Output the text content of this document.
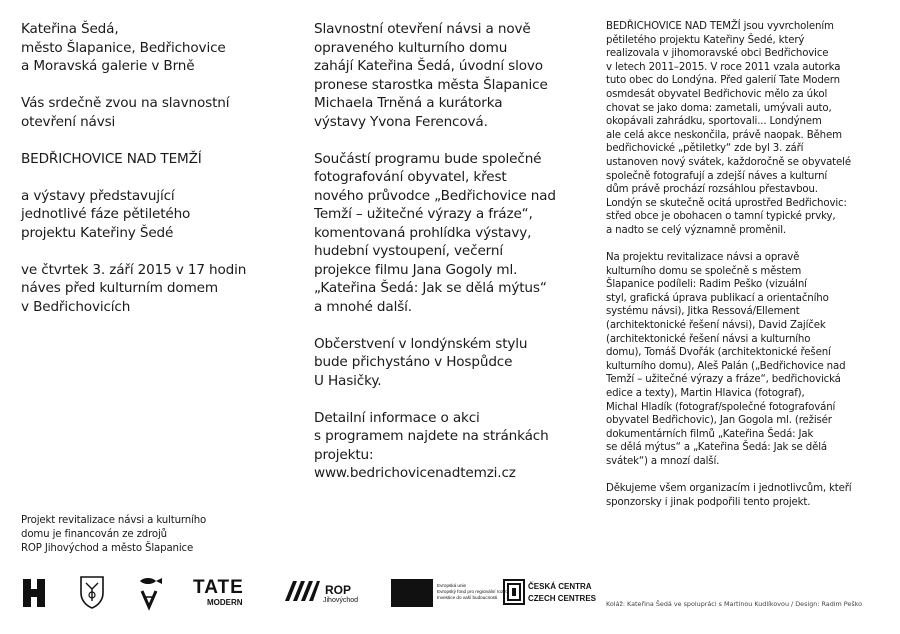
Kateřina Šedá,
město Šlapanice, Bedřichovice
a Moravská galerie v Brně
Vás srdečně zvou na slavnostní
otevření návsi
BEDŘICHOVICE NAD TEMŽÍ
a výstavy představující
jednotlivé fáze pětiletého
projektu Kateřiny Šedé
ve čtvrtek 3. září 2015 v 17 hodin
náves před kulturním domem
v Bedřichovicích
Slavnostní otevření návsi a nově
opraveného kulturního domu
zahájí Kateřina Šedá, úvodní slovo
pronese starostka města Šlapanice
Michaela Trněná a kurátorka
výstavy Yvona Ferencová.
Součástí programu bude společné
fotografování obyvatel, křest
nového průvodce „Bedřichovice nad
Temží – užitečné výrazy a fráze“,
komentovaná prohlídka výstavy,
hudební vystoupení, večerní
projekce filmu Jana Gogoly ml.
„Kateřina Šedá: Jak se dělá mýtus“
a mnohé další.
Občerstvení v londýnském stylu
bude přichystáno v Hospůdce
U Hasičky.
Detailní informace o akci
s programem najdete na stránkách
projektu:
www.bedrichovicenadtemzi.cz
BEDŘICHOVICE NAD TEMŽÍ jsou vyvrcholením
pětiletého projektu Kateřiny Šedé, který
realizovala v jihomoravské obci Bedřichovice
v letech 2011–2015. V roce 2011 vzala autorka
tuto obec do Londýna. Před galerií Tate Modern
osmdesát obyvatel Bedřichovic mělo za úkol
chovat se jako doma: zametali, umývali auto,
okopávali zahrádku, sportovali... Londýnem
ale celá akce neskončila, právě naopak. Během
bedřichovické „pětiletky“ zde byl 3. září
ustanoven nový svátek, každoročně se obyvatelé
společně fotografují a zdejší náves a kulturní
dům právě prochází rozsáhlou přestavbou.
Londýn se skutečně ocitá uprostřed Bedřichovic:
střed obce je obohacen o tamní typické prvky,
a nadto se celý významně proměnil.
Na projektu revitalizace návsi a opravě
kulturního domu se společně s městem
Šlapanice podíleli: Radim Peško (vizuální
styl, grafická úprava publikací a orientačního
systému návsi), Jitka Ressová/Ellement
(architektonické řešení návsi), David Zajíček
(architektonické řešení návsi a kulturního
domu), Tomáš Dvořák (architektonické řešení
kulturního domu), Aleš Palán („Bedřichovice nad
Temží – užitečné výrazy a fráze“, bedřichovická
edice a texty), Martin Hlavica (fotograf),
Michal Hladík (fotograf/společné fotografování
obyvatel Bedřichovic), Jan Gogola ml. (režisér
dokumentárních filmů „Kateřina Šedá: Jak
se dělá mýtus“ a „Kateřina Šedá: Jak se dělá
svátek“) a mnozí další.
Děkujeme všem organizacím i jednotlivcům, kteří
sponzorsky i jinak podpořili tento projekt.
Projekt revitalizace návsi a kulturního
domu je financován ze zdrojů
ROP Jihovýchod a město Šlapanice
TATE
MODERN
ROP
Jihovýchod
Evropská unie
Evropský fond pro regionální rozvoj
Investice do vaší budoucnosti
ČESKÁ CENTRA
CZECH CENTRES
Koláž: Kateřina Šedá ve spolupráci s Martinou Kudlíkovou / Design: Radim Peško
